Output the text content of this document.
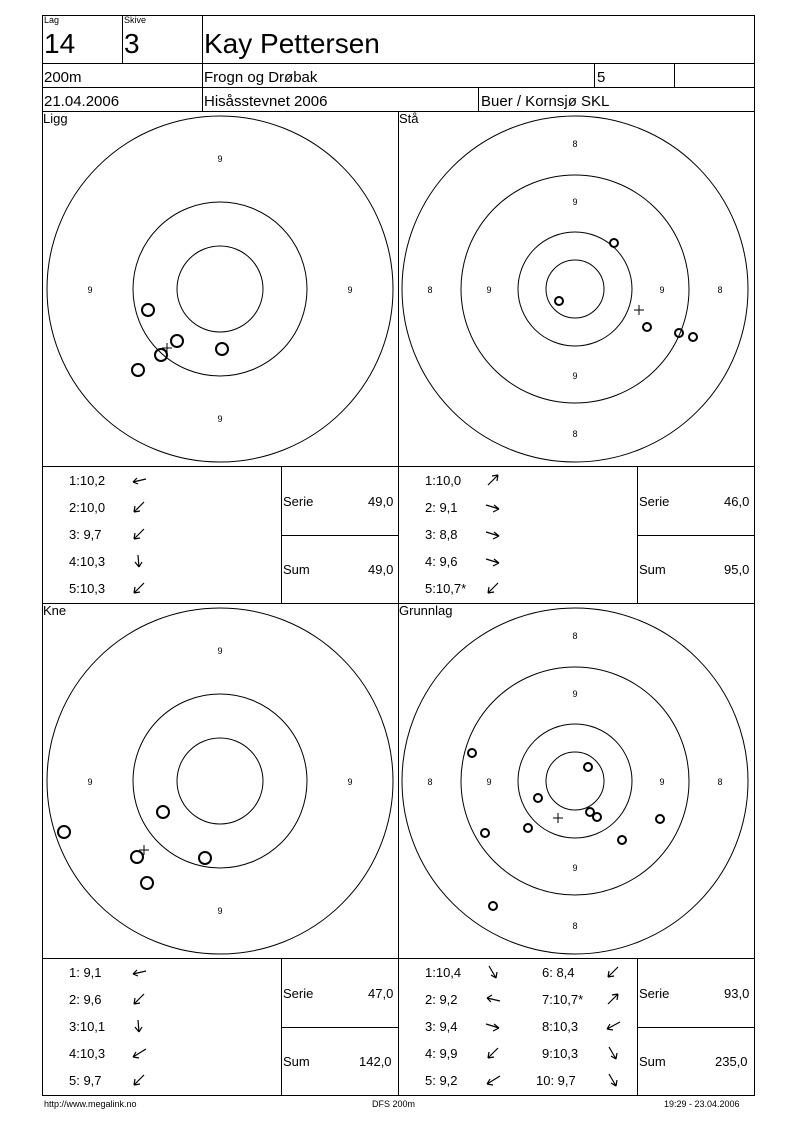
Lag
14
Skive
3 Kay Pettersen
200m	Frogn og Drøbak	5
21.04.2006	Hisåsstevnet 2006	Buer / Kornsjø SKL
Ligg	Stå
Kne	Grunnlag
9
9
9	9
8
9
9
8
8	9	9	8
9
9
9	9
8
9
9
8
8	9	9	8
1:10,2
2:10,0
3: 9,7
4:10,3
5:10,3
Serie	49,0
Sum	49,0
1:10,0
2: 9,1
3: 8,8
4: 9,6
5:10,7*
Serie	46,0
Sum	95,0
1: 9,1
2: 9,6
3:10,1
4:10,3
5: 9,7
Serie	47,0
Sum	142,0
1:10,4
2: 9,2
3: 9,4
4: 9,9
5: 9,2
6: 8,4
7:10,7*
8:10,3
9:10,3
10: 9,7
Serie	93,0
Sum	235,0
http://www.megalink.no	DFS 200m	19:29 - 23.04.2006
